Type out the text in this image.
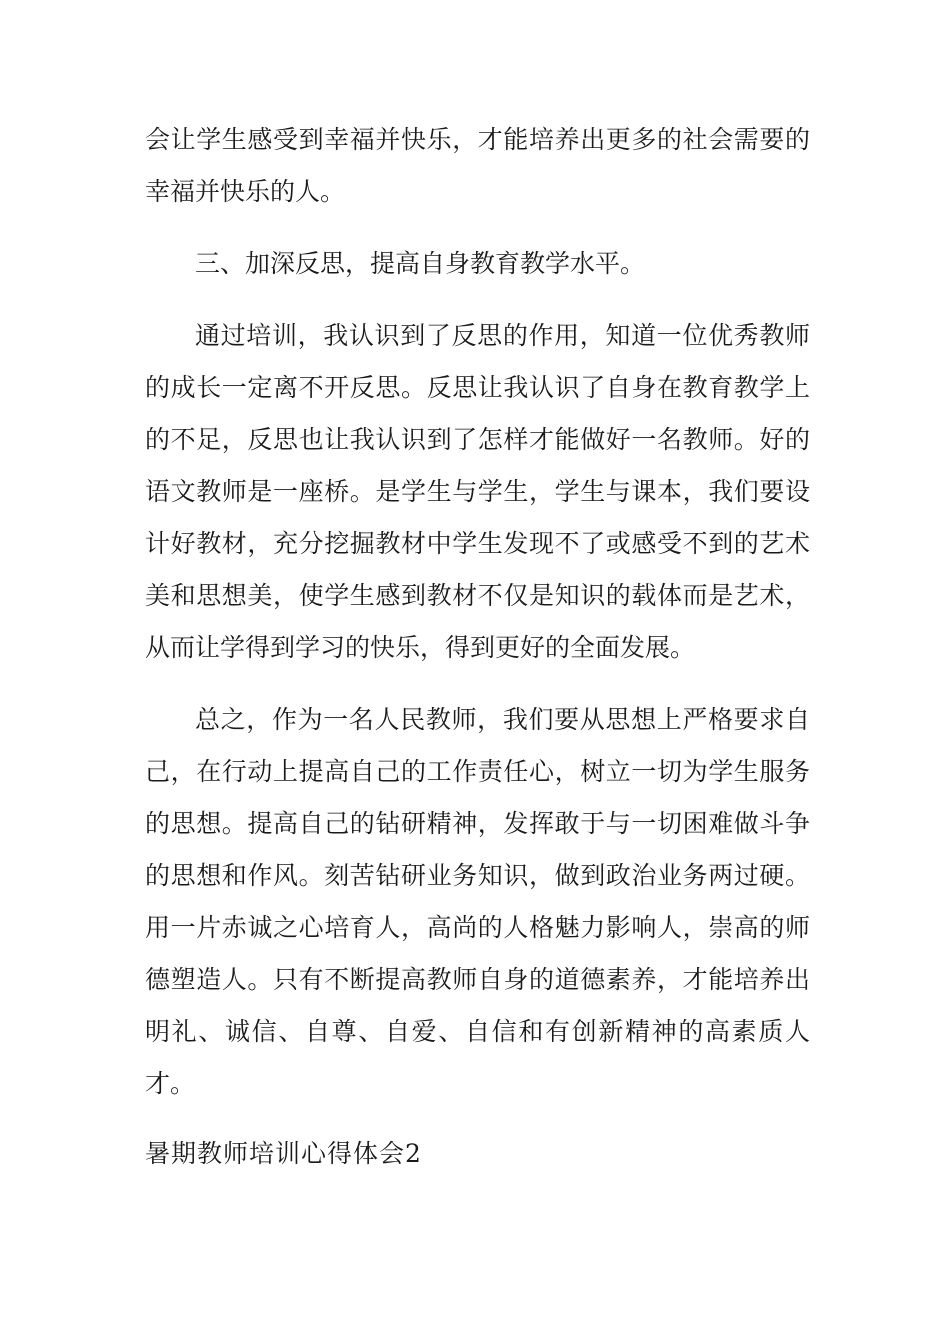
会让学生感受到幸福并快乐，才能培养出更多的社会需要的幸福并快乐的人。

三、加深反思，提高自身教育教学水平。

通过培训，我认识到了反思的作用，知道一位优秀教师的成长一定离不开反思。反思让我认识了自身在教育教学上的不足，反思也让我认识到了怎样才能做好一名教师。好的语文教师是一座桥。是学生与学生，学生与课本，我们要设计好教材，充分挖掘教材中学生发现不了或感受不到的艺术美和思想美，使学生感到教材不仅是知识的载体而是艺术，从而让学得到学习的快乐，得到更好的全面发展。

总之，作为一名人民教师，我们要从思想上严格要求自己，在行动上提高自己的工作责任心，树立一切为学生服务的思想。提高自己的钻研精神，发挥敢于与一切困难做斗争的思想和作风。刻苦钻研业务知识，做到政治业务两过硬。用一片赤诚之心培育人，高尚的人格魅力影响人，崇高的师德塑造人。只有不断提高教师自身的道德素养，才能培养出明礼、诚信、自尊、自爱、自信和有创新精神的高素质人才。

暑期教师培训心得体会2
